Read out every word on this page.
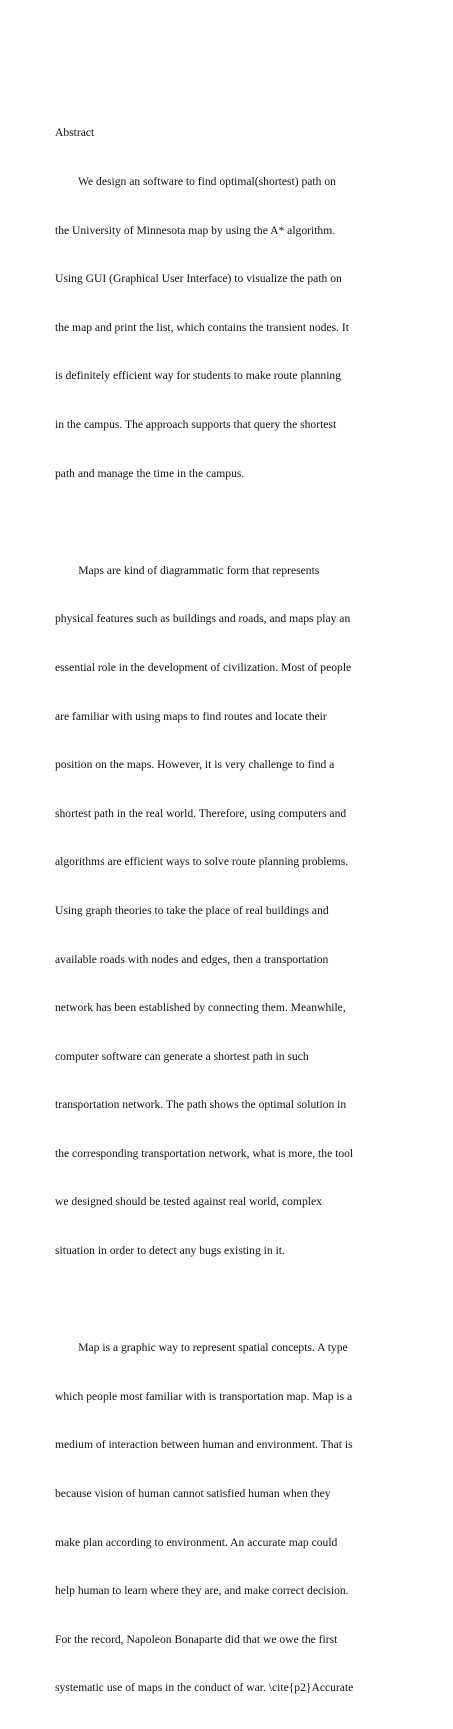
Abstract

We design an software to find optimal(shortest) path on

the University of Minnesota map by using the A* algorithm.

Using GUI (Graphical User Interface) to visualize the path on

the map and print the list, which contains the transient nodes. It

is definitely efficient way for students to make route planning

in the campus. The approach supports that query the shortest

path and manage the time in the campus.

Maps are kind of diagrammatic form that represents

physical features such as buildings and roads, and maps play an

essential role in the development of civilization. Most of people

are familiar with using maps to find routes and locate their

position on the maps. However, it is very challenge to find a

shortest path in the real world. Therefore, using computers and

algorithms are efficient ways to solve route planning problems.

Using graph theories to take the place of real buildings and

available roads with nodes and edges, then a transportation

network has been established by connecting them. Meanwhile,

computer software can generate a shortest path in such

transportation network. The path shows the optimal solution in

the corresponding transportation network, what is more, the tool

we designed should be tested against real world, complex

situation in order to detect any bugs existing in it.

Map is a graphic way to represent spatial concepts. A type

which people most familiar with is transportation map. Map is a

medium of interaction between human and environment. That is

because vision of human cannot satisfied human when they

make plan according to environment. An accurate map could

help human to learn where they are, and make correct decision.

For the record, Napoleon Bonaparte did that we owe the first

systematic use of maps in the conduct of war. \cite{p2}Accurate
